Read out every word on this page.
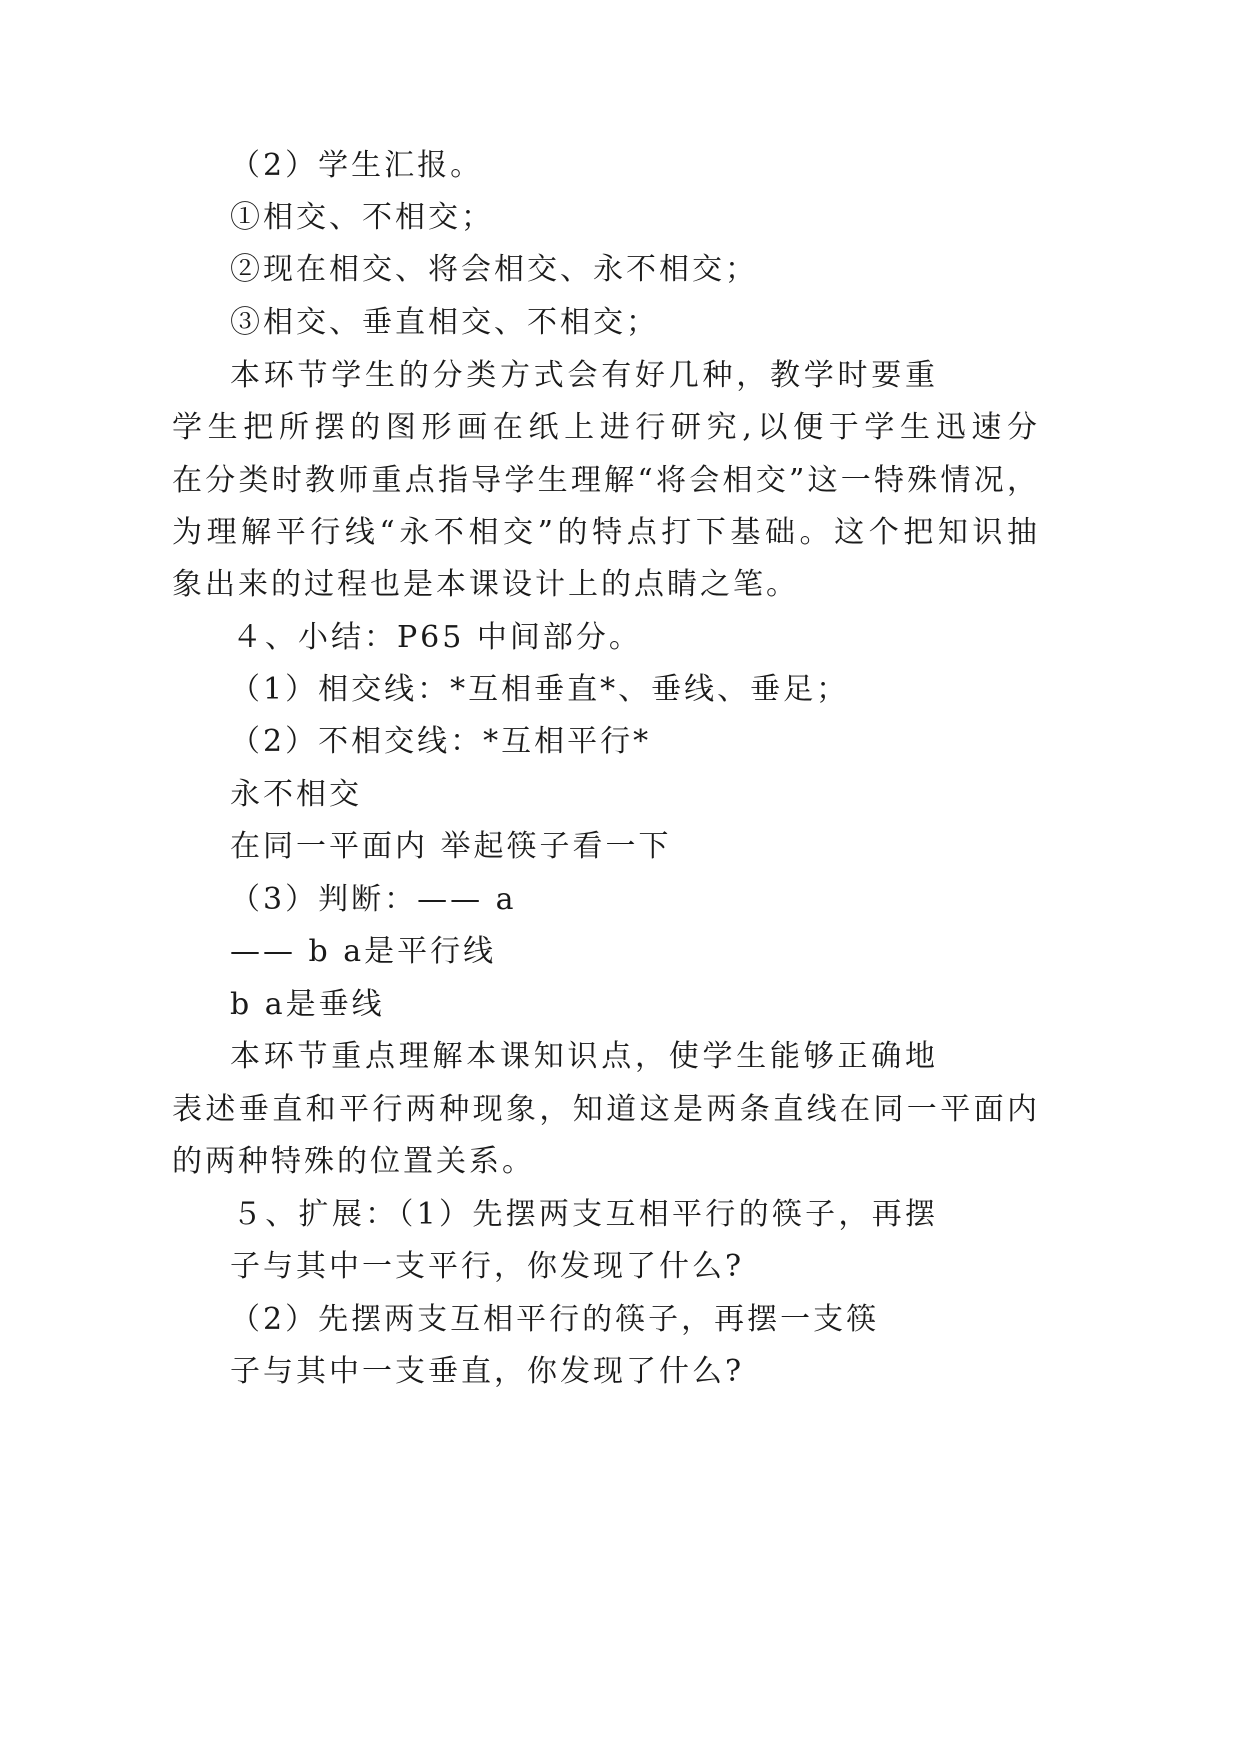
（2）学生汇报。

①相交、不相交；

②现在相交、将会相交、永不相交；

③相交、垂直相交、不相交；

本环节学生的分类方式会有好几种，教学时要重

学生把所摆的图形画在纸上进行研究,以便于学生迅速分

在分类时教师重点指导学生理解“将会相交”这一特殊情况，

为理解平行线“永不相交”的特点打下基础。这个把知识抽

象出来的过程也是本课设计上的点睛之笔。

４、小结：P65 中间部分。

（1）相交线：*互相垂直*、垂线、垂足；

（2）不相交线：*互相平行*

永不相交

在同一平面内 举起筷子看一下

（3）判断：—— a

—— b a是平行线

b a是垂线

本环节重点理解本课知识点，使学生能够正确地

表述垂直和平行两种现象，知道这是两条直线在同一平面内

的两种特殊的位置关系。

５、扩展：（1）先摆两支互相平行的筷子，再摆

子与其中一支平行，你发现了什么?

（2）先摆两支互相平行的筷子，再摆一支筷

子与其中一支垂直，你发现了什么?
